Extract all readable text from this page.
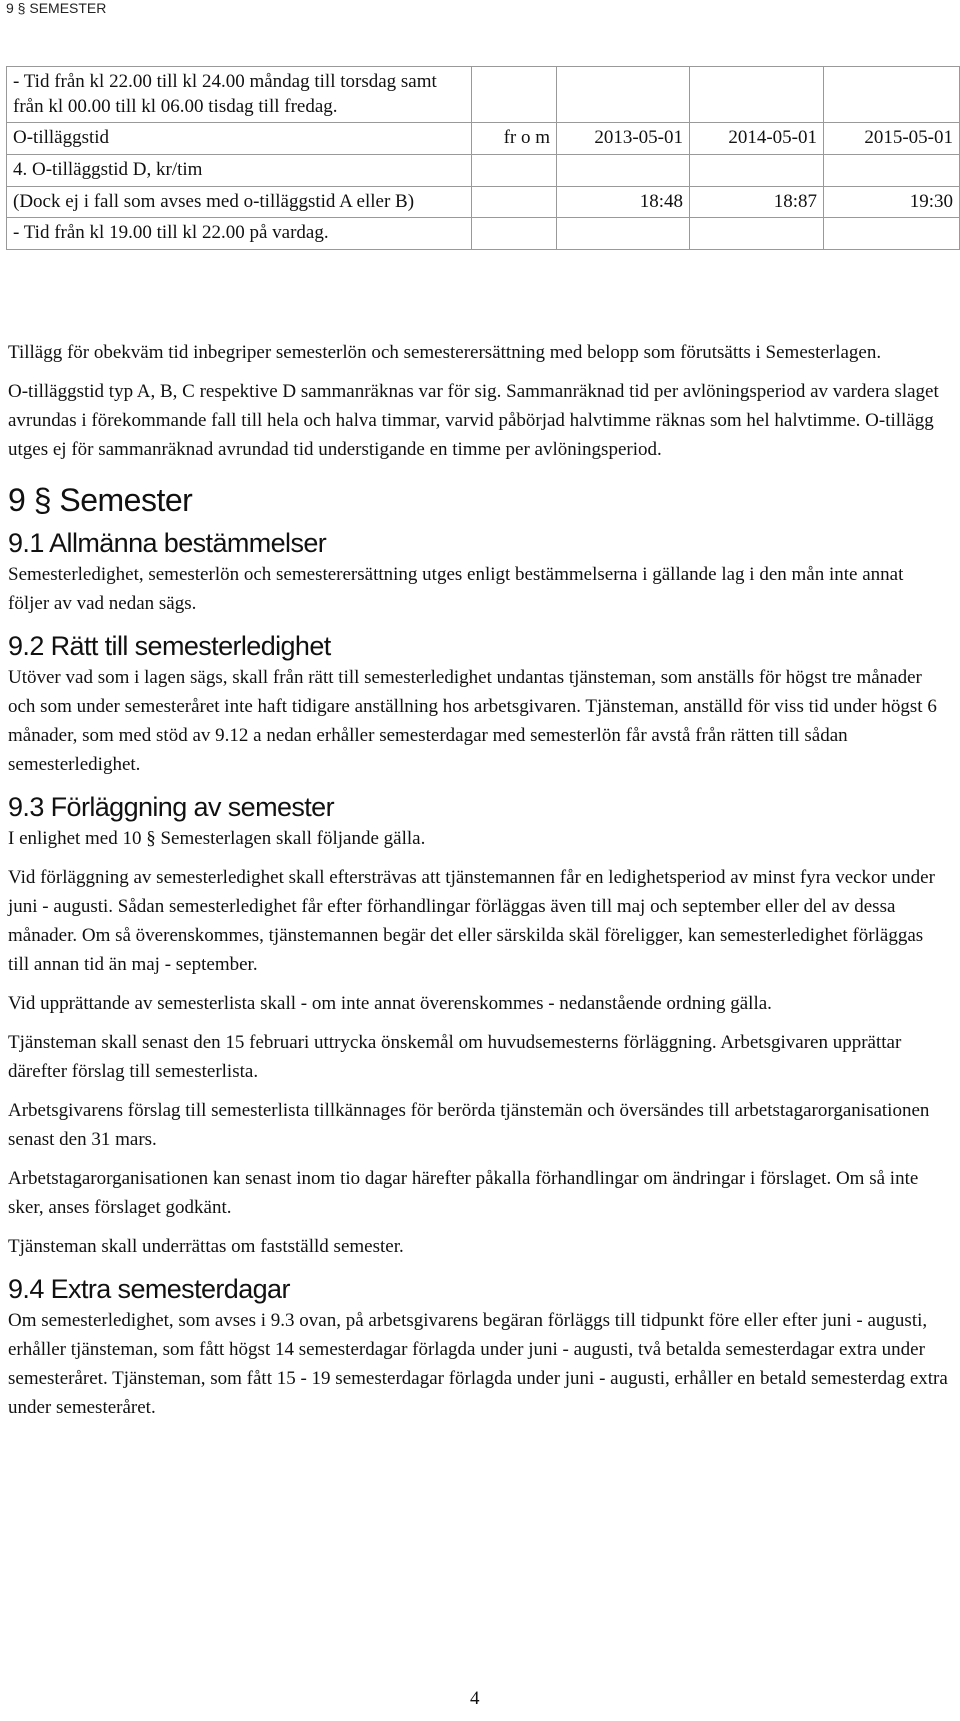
9 § SEMESTER
- Tid från kl 22.00 till kl 24.00 måndag till torsdag samt från kl 00.00 till kl 06.00 tisdag till fredag.				
O-tilläggstid	fr o m	2013-05-01	2014-05-01	2015-05-01
4. O-tilläggstid D, kr/tim				
(Dock ej i fall som avses med o-tilläggstid A eller B)		18:48	18:87	19:30
- Tid från kl 19.00 till kl 22.00 på vardag.				

Tillägg för obekväm tid inbegriper semesterlön och semesterersättning med belopp som förutsätts i Semesterlagen.

O-tilläggstid typ A, B, C respektive D sammanräknas var för sig. Sammanräknad tid per avlöningsperiod av vardera slaget avrundas i förekommande fall till hela och halva timmar, varvid påbörjad halvtimme räknas som hel halvtimme. O-tillägg utges ej för sammanräknad avrundad tid understigande en timme per avlöningsperiod.

9 § Semester
9.1 Allmänna bestämmelser

Semesterledighet, semesterlön och semesterersättning utges enligt bestämmelserna i gällande lag i den mån inte annat följer av vad nedan sägs.

9.2 Rätt till semesterledighet

Utöver vad som i lagen sägs, skall från rätt till semesterledighet undantas tjänsteman, som anställs för högst tre månader och som under semesteråret inte haft tidigare anställning hos arbetsgivaren. Tjänsteman, anställd för viss tid under högst 6 månader, som med stöd av 9.12 a nedan erhåller semesterdagar med semesterlön får avstå från rätten till sådan semesterledighet.

9.3 Förläggning av semester

I enlighet med 10 § Semesterlagen skall följande gälla.

Vid förläggning av semesterledighet skall eftersträvas att tjänstemannen får en ledighetsperiod av minst fyra veckor under juni - augusti. Sådan semesterledighet får efter förhandlingar förläggas även till maj och september eller del av dessa månader. Om så överenskommes, tjänstemannen begär det eller särskilda skäl föreligger, kan semesterledighet förläggas till annan tid än maj - september.

Vid upprättande av semesterlista skall - om inte annat överenskommes - nedanstående ordning gälla.

Tjänsteman skall senast den 15 februari uttrycka önskemål om huvudsemesterns förläggning. Arbetsgivaren upprättar därefter förslag till semesterlista.

Arbetsgivarens förslag till semesterlista tillkännages för berörda tjänstemän och översändes till arbetstagarorganisationen senast den 31 mars.

Arbetstagarorganisationen kan senast inom tio dagar härefter påkalla förhandlingar om ändringar i förslaget. Om så inte sker, anses förslaget godkänt.

Tjänsteman skall underrättas om fastställd semester.

9.4 Extra semesterdagar

Om semesterledighet, som avses i 9.3 ovan, på arbetsgivarens begäran förläggs till tidpunkt före eller efter juni - augusti, erhåller tjänsteman, som fått högst 14 semesterdagar förlagda under juni - augusti, två betalda semesterdagar extra under semesteråret. Tjänsteman, som fått 15 - 19 semesterdagar förlagda under juni - augusti, erhåller en betald semesterdag extra under semesteråret.

4
